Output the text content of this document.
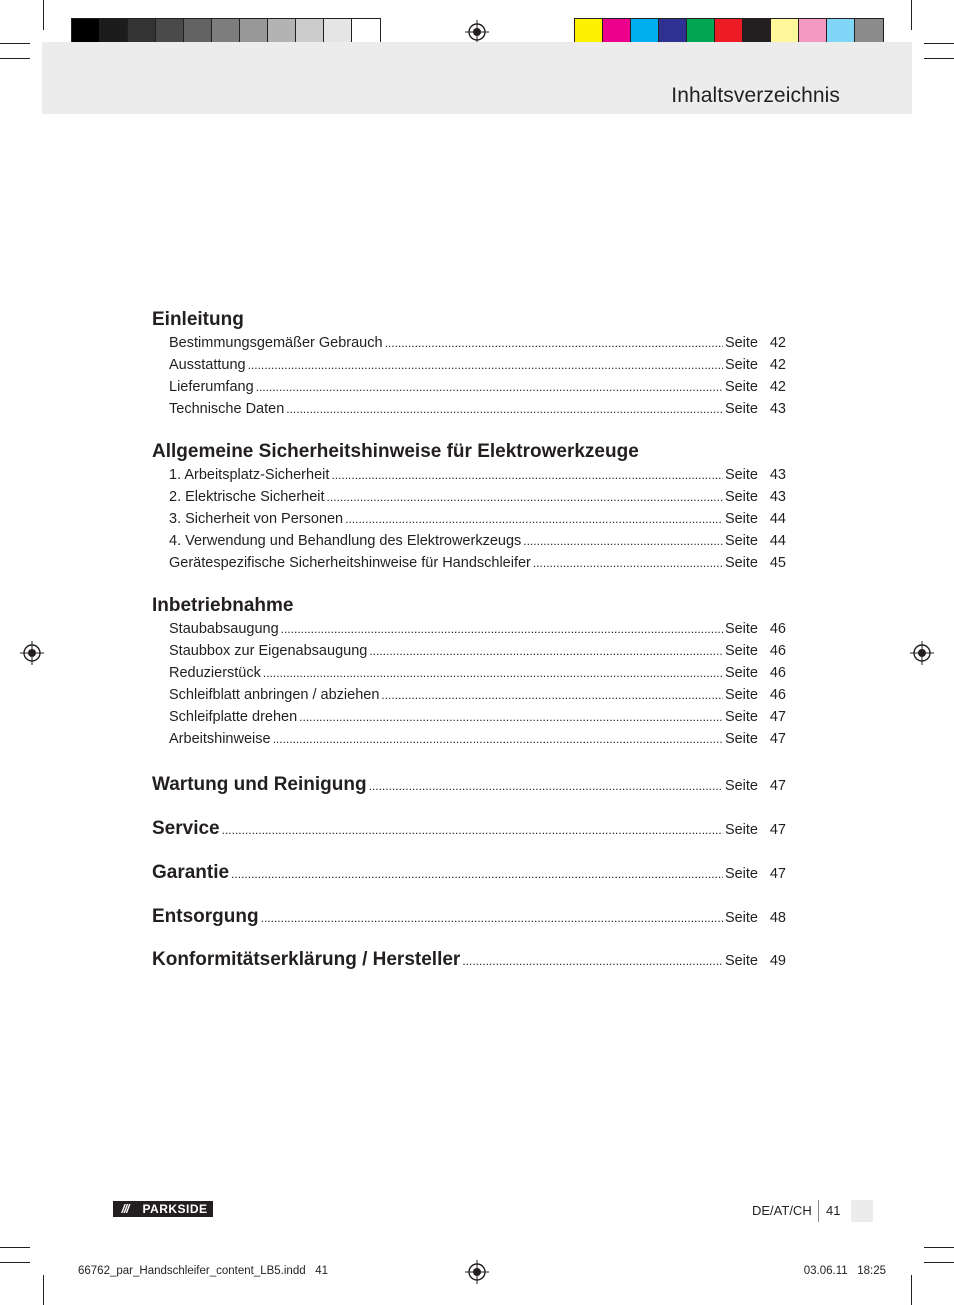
Inhaltsverzeichnis
Einleitung
Bestimmungsgemäßer Gebrauch .....	Seite 42
Ausstattung .....	Seite 42
Lieferumfang .....	Seite 42
Technische Daten .....	Seite 43
Allgemeine Sicherheitshinweise für Elektrowerkzeuge
1. Arbeitsplatz-Sicherheit .....	Seite 43
2. Elektrische Sicherheit .....	Seite 43
3. Sicherheit von Personen .....	Seite 44
4. Verwendung und Behandlung des Elektrowerkzeugs .....	Seite 44
Gerätespezifische Sicherheitshinweise für Handschleifer .....	Seite 45
Inbetriebnahme
Staubabsaugung .....	Seite 46
Staubbox zur Eigenabsaugung .....	Seite 46
Reduzierstück .....	Seite 46
Schleifblatt anbringen / abziehen .....	Seite 46
Schleifplatte drehen .....	Seite 47
Arbeitshinweise .....	Seite 47
Wartung und Reinigung .....	Seite 47
Service .....	Seite 47
Garantie .....	Seite 47
Entsorgung .....	Seite 48
Konformitätserklärung / Hersteller .....	Seite 49
///	PARKSIDE	DE/AT/CH 41
66762_par_Handschleifer_content_LB5.indd   41	03.06.11   18:25
